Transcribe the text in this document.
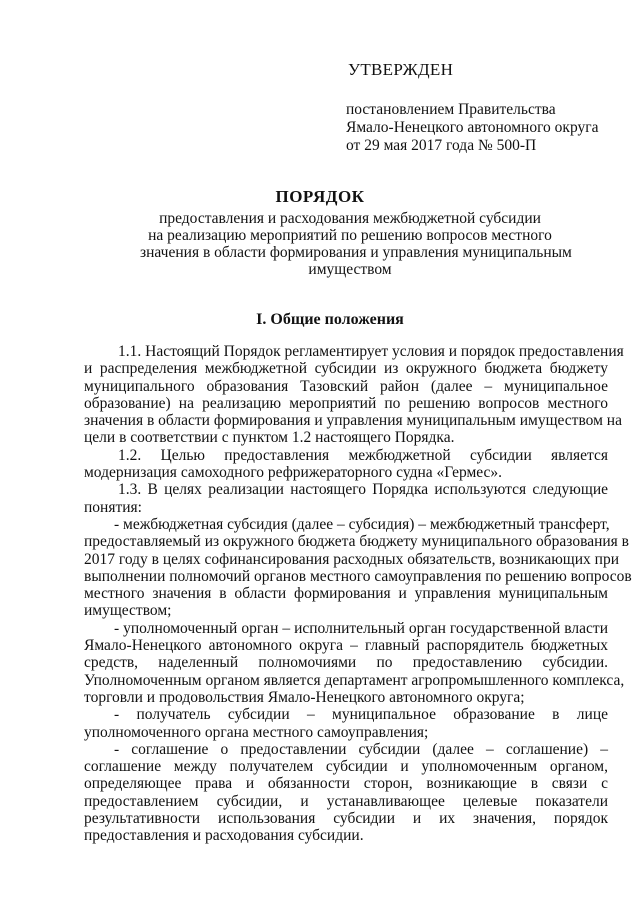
УТВЕРЖДЕН
постановлением Правительства
Ямало-Ненецкого автономного округа
от 29 мая 2017 года № 500-П
ПОРЯДОК
предоставления и расходования межбюджетной субсидии
на реализацию мероприятий по решению вопросов местного
значения в области формирования и управления муниципальным
имуществом
I. Общие положения
1.1. Настоящий Порядок регламентирует условия и порядок предоставления
и распределения межбюджетной субсидии из окружного бюджета бюджету
муниципального образования Тазовский район (далее – муниципальное
образование) на реализацию мероприятий по решению вопросов местного
значения в области формирования и управления муниципальным имуществом на
цели в соответствии с пунктом 1.2 настоящего Порядка.
1.2. Целью предоставления межбюджетной субсидии является
модернизация самоходного рефрижераторного судна «Гермес».
1.3. В целях реализации настоящего Порядка используются следующие
понятия:
- межбюджетная субсидия (далее – субсидия) – межбюджетный трансферт,
предоставляемый из окружного бюджета бюджету муниципального образования в
2017 году в целях софинансирования расходных обязательств, возникающих при
выполнении полномочий органов местного самоуправления по решению вопросов
местного значения в области формирования и управления муниципальным
имуществом;
- уполномоченный орган – исполнительный орган государственной власти
Ямало-Ненецкого автономного округа – главный распорядитель бюджетных
средств, наделенный полномочиями по предоставлению субсидии.
Уполномоченным органом является департамент агропромышленного комплекса,
торговли и продовольствия Ямало-Ненецкого автономного округа;
- получатель субсидии – муниципальное образование в лице
уполномоченного органа местного самоуправления;
- соглашение о предоставлении субсидии (далее – соглашение) –
соглашение между получателем субсидии и уполномоченным органом,
определяющее права и обязанности сторон, возникающие в связи с
предоставлением субсидии, и устанавливающее целевые показатели
результативности использования субсидии и их значения, порядок
предоставления и расходования субсидии.
